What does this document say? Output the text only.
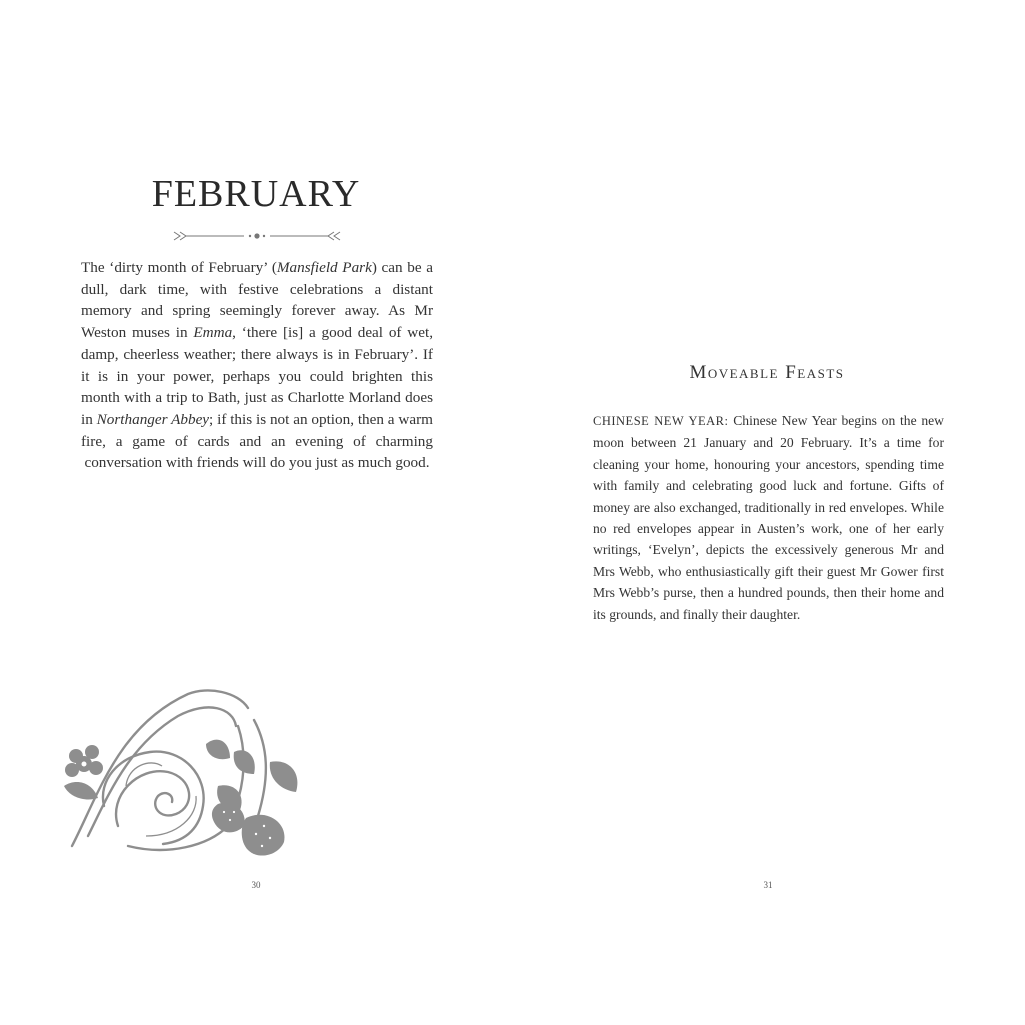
FEBRUARY

The ‘dirty month of February’ (Mansfield Park) can be a dull, dark time, with festive celebrations a distant memory and spring seemingly forever away. As Mr Weston muses in Emma, ‘there [is] a good deal of wet, damp, cheerless weather; there always is in February’. If it is in your power, perhaps you could brighten this month with a trip to Bath, just as Charlotte Morland does in Northanger Abbey; if this is not an option, then a warm fire, a game of cards and an evening of charming conversation with friends will do you just as much good.

30
Moveable Feasts

CHINESE NEW YEAR: Chinese New Year begins on the new moon between 21 January and 20 February. It’s a time for cleaning your home, honouring your ancestors, spending time with family and celebrating good luck and fortune. Gifts of money are also exchanged, traditionally in red envelopes. While no red envelopes appear in Austen’s work, one of her early writings, ‘Evelyn’, depicts the excessively generous Mr and Mrs Webb, who enthusiastically gift their guest Mr Gower first Mrs Webb’s purse, then a hundred pounds, then their home and its grounds, and finally their daughter.

31
